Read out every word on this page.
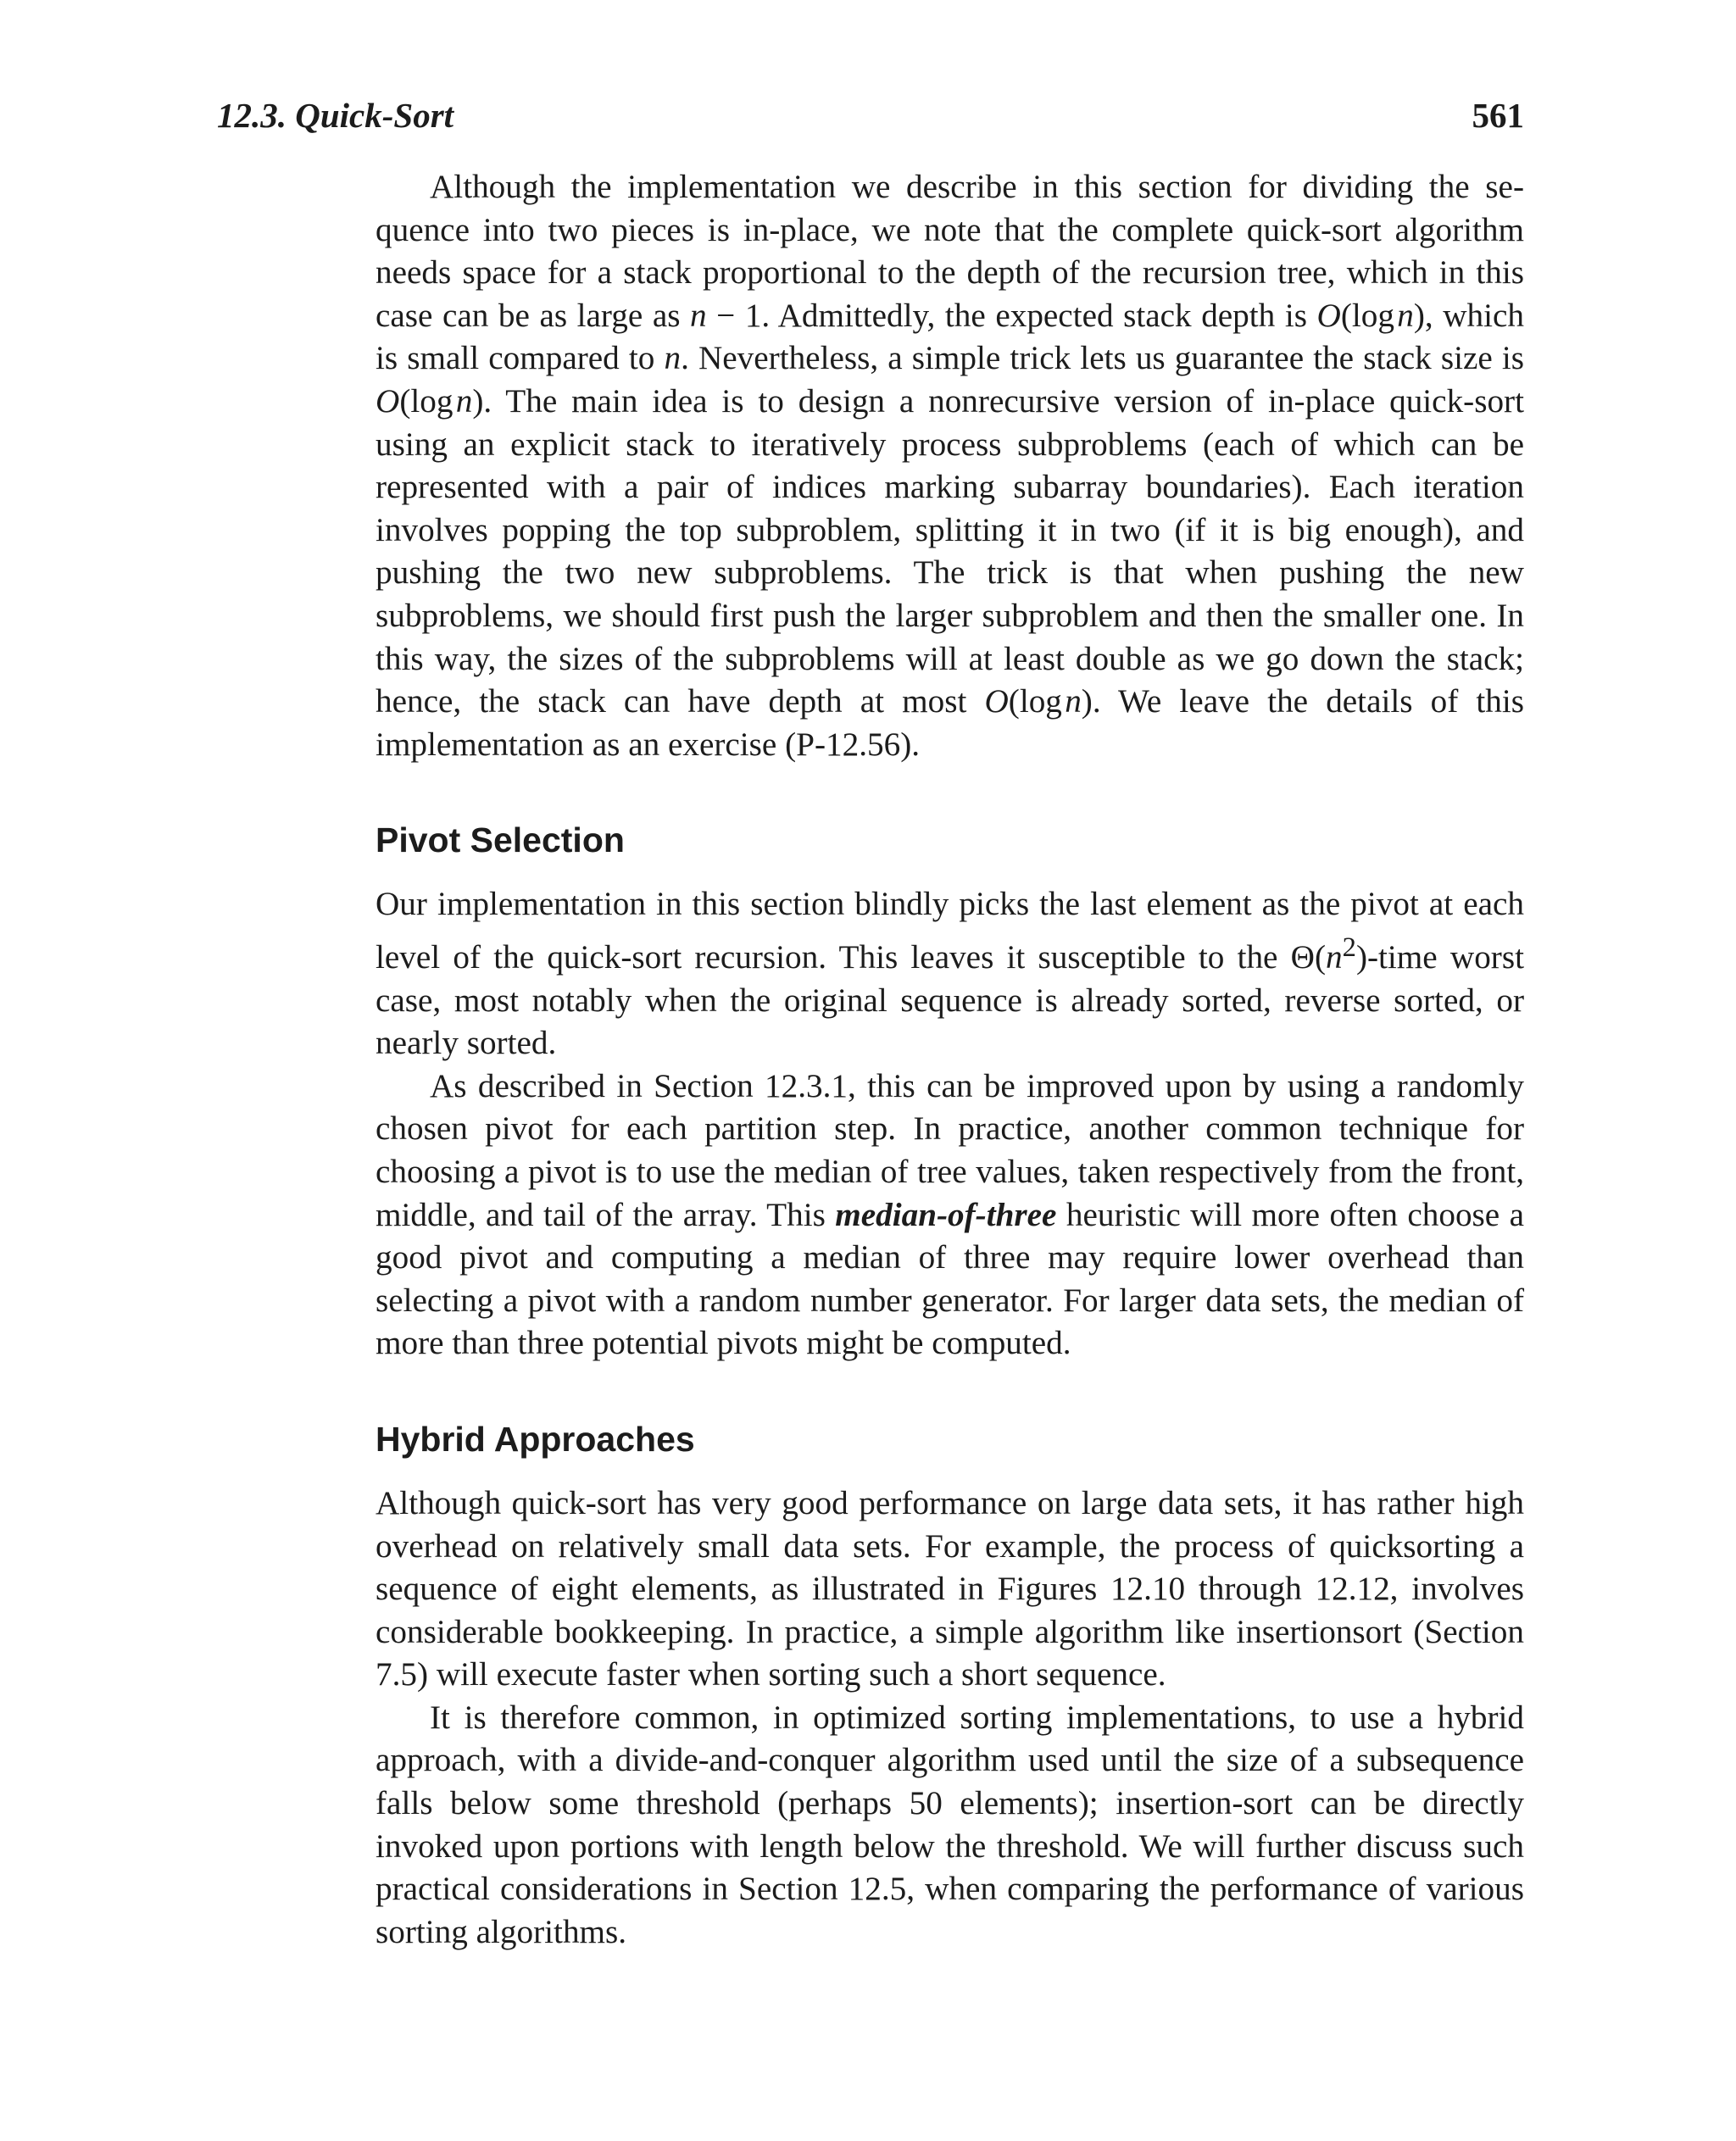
12.3. Quick-Sort	561

Although the implementation we describe in this section for dividing the sequence into two pieces is in-place, we note that the complete quick-sort algorithm needs space for a stack proportional to the depth of the recursion tree, which in this case can be as large as n − 1. Admittedly, the expected stack depth is O(log n), which is small compared to n. Nevertheless, a simple trick lets us guarantee the stack size is O(log n). The main idea is to design a nonrecursive version of in-place quick-sort using an explicit stack to iteratively process subproblems (each of which can be represented with a pair of indices marking subarray boundaries). Each iteration involves popping the top subproblem, splitting it in two (if it is big enough), and pushing the two new subproblems. The trick is that when pushing the new subproblems, we should first push the larger subproblem and then the smaller one. In this way, the sizes of the subproblems will at least double as we go down the stack; hence, the stack can have depth at most O(log n). We leave the details of this implementation as an exercise (P-12.56).

Pivot Selection

Our implementation in this section blindly picks the last element as the pivot at each level of the quick-sort recursion. This leaves it susceptible to the $\Theta(n^2)$-time worst case, most notably when the original sequence is already sorted, reverse sorted, or nearly sorted.

As described in Section 12.3.1, this can be improved upon by using a randomly chosen pivot for each partition step. In practice, another common technique for choosing a pivot is to use the median of tree values, taken respectively from the front, middle, and tail of the array. This median-of-three heuristic will more often choose a good pivot and computing a median of three may require lower overhead than selecting a pivot with a random number generator. For larger data sets, the median of more than three potential pivots might be computed.

Hybrid Approaches

Although quick-sort has very good performance on large data sets, it has rather high overhead on relatively small data sets. For example, the process of quicksorting a sequence of eight elements, as illustrated in Figures 12.10 through 12.12, involves considerable bookkeeping. In practice, a simple algorithm like insertionsort (Section 7.5) will execute faster when sorting such a short sequence.

It is therefore common, in optimized sorting implementations, to use a hybrid approach, with a divide-and-conquer algorithm used until the size of a subsequence falls below some threshold (perhaps 50 elements); insertion-sort can be directly invoked upon portions with length below the threshold. We will further discuss such practical considerations in Section 12.5, when comparing the performance of various sorting algorithms.
